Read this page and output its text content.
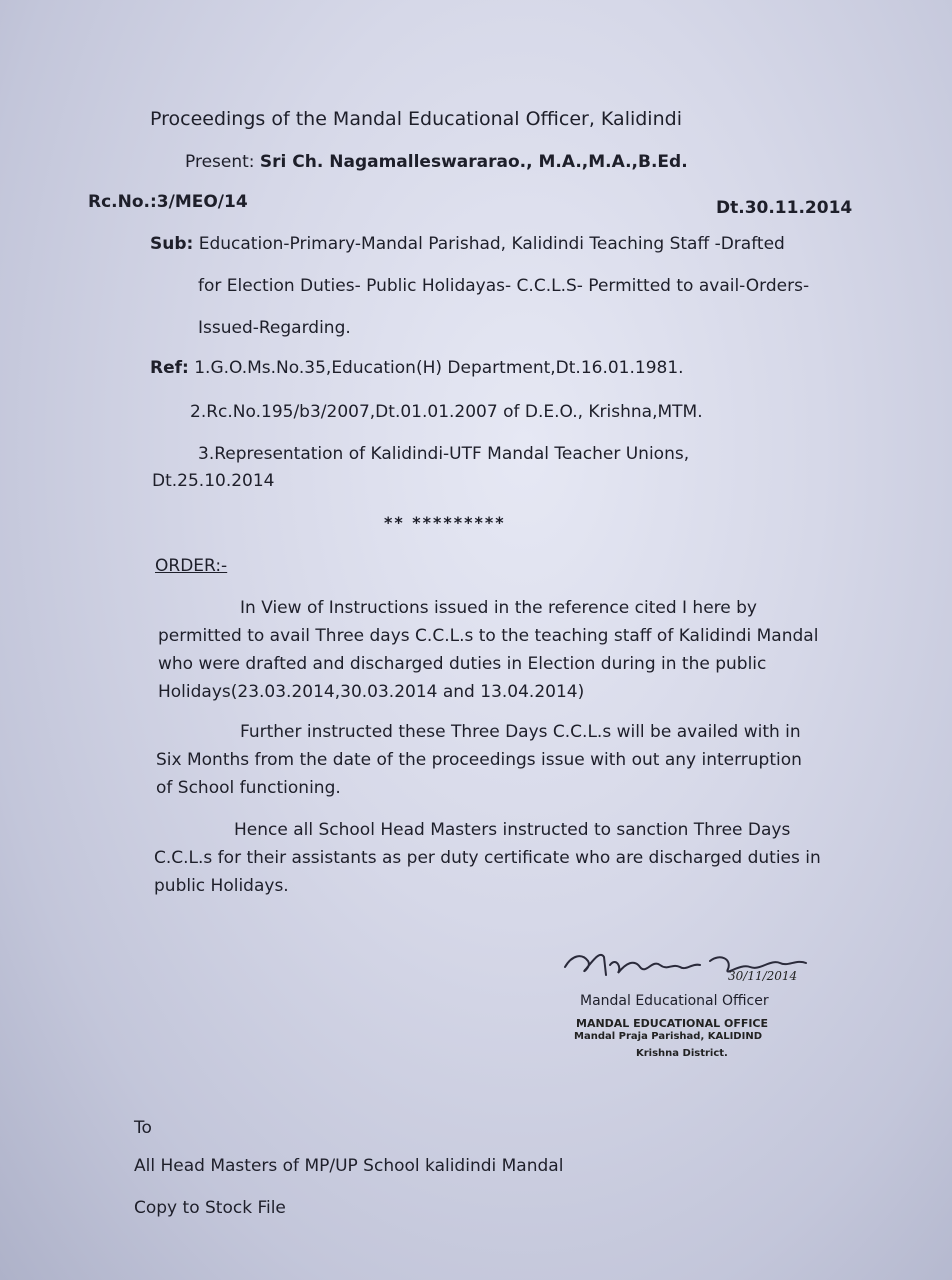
Proceedings of the Mandal Educational Officer, Kalidindi
Present: Sri Ch. Nagamalleswararao., M.A.,M.A.,B.Ed.
Rc.No.:3/MEO/14	Dt.30.11.2014
Sub: Education-Primary-Mandal Parishad, Kalidindi Teaching Staff -Drafted
for Election Duties- Public Holidayas- C.C.L.S- Permitted to avail-Orders-
Issued-Regarding.
Ref: 1.G.O.Ms.No.35,Education(H) Department,Dt.16.01.1981.
2.Rc.No.195/b3/2007,Dt.01.01.2007 of D.E.O., Krishna,MTM.
3.Representation of Kalidindi-UTF Mandal Teacher Unions,
Dt.25.10.2014
** *********
ORDER:-
In View of Instructions issued in the reference cited I here by
permitted to avail Three days C.C.L.s to the teaching staff of Kalidindi Mandal
who were drafted and discharged duties in Election during in the public
Holidays(23.03.2014,30.03.2014 and 13.04.2014)
Further instructed these Three Days C.C.L.s will be availed with in
Six Months from the date of the proceedings issue with out any interruption
of School functioning.
Hence all School Head Masters instructed to sanction Three Days
C.C.L.s for their assistants as per duty certificate who are discharged duties in
public Holidays.
30/11/2014
Mandal Educational Officer
MANDAL EDUCATIONAL OFFICE
Mandal Praja Parishad, KALIDIND
Krishna District.
To
All Head Masters of MP/UP School kalidindi Mandal
Copy to Stock File
